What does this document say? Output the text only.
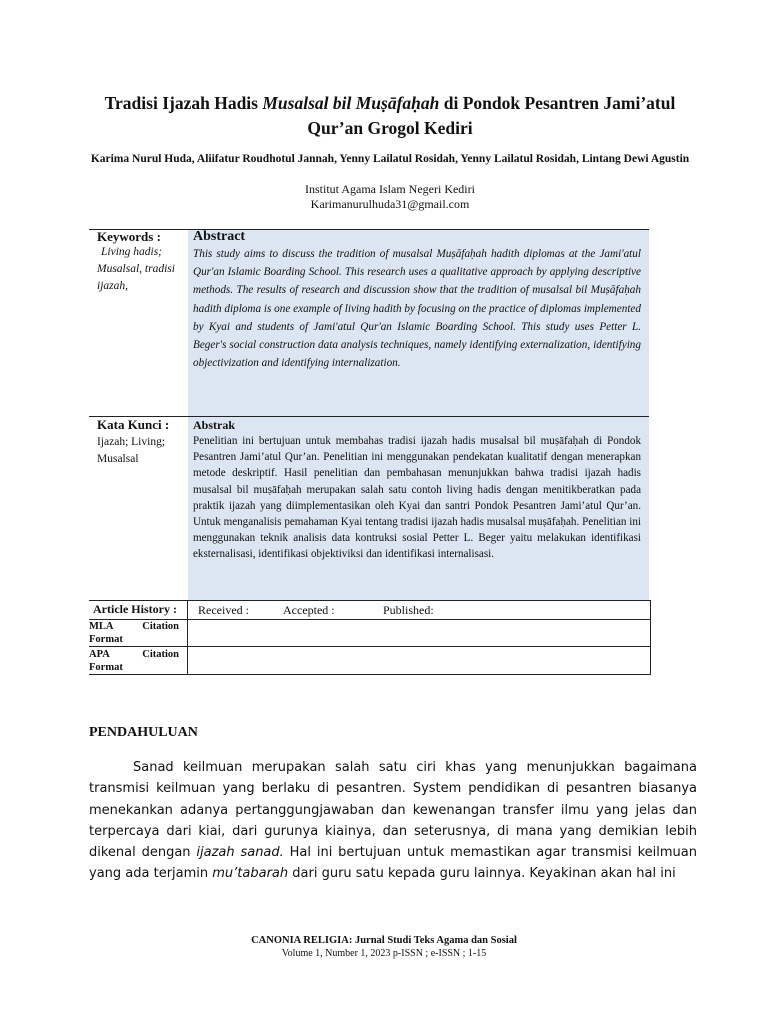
Tradisi Ijazah Hadis Musalsal bil Muṣāfaḥah di Pondok Pesantren Jami’atul Qur’an Grogol Kediri
Karima Nurul Huda, Aliifatur Roudhotul Jannah, Yenny Lailatul Rosidah, Yenny Lailatul Rosidah, Lintang Dewi Agustin
Institut Agama Islam Negeri Kediri
Karimanurulhuda31@gmail.com
Keywords :
Living hadis;
Musalsal, tradisi
ijazah,
Abstract
This study aims to discuss the tradition of musalsal Muṣāfaḥah hadith diplomas at the Jami'atul Qur'an Islamic Boarding School. This research uses a qualitative approach by applying descriptive methods. The results of research and discussion show that the tradition of musalsal bil Muṣāfaḥah hadith diploma is one example of living hadith by focusing on the practice of diplomas implemented by Kyai and students of Jami'atul Qur'an Islamic Boarding School. This study uses Petter L. Beger's social construction data analysis techniques, namely identifying externalization, identifying objectivization and identifying internalization.
Kata Kunci :
Ijazah; Living;
Musalsal
Abstrak
Penelitian ini bertujuan untuk membahas tradisi ijazah hadis musalsal bil muṣāfaḥah di Pondok Pesantren Jami’atul Qur’an. Penelitian ini menggunakan pendekatan kualitatif dengan menerapkan metode deskriptif. Hasil penelitian dan pembahasan menunjukkan bahwa tradisi ijazah hadis musalsal bil muṣāfaḥah merupakan salah satu contoh living hadis dengan menitikberatkan pada praktik ijazah yang diimplementasikan oleh Kyai dan santri Pondok Pesantren Jami’atul Qur’an. Untuk menganalisis pemahaman Kyai tentang tradisi ijazah hadis musalsal muṣāfaḥah. Penelitian ini menggunakan teknik analisis data kontruksi sosial Petter L. Beger yaitu melakukan identifikasi eksternalisasi, identifikasi objektiviksi dan identifikasi internalisasi.
Article History : Received :	Accepted :	Published:
MLA Citation
Format
APA Citation
Format
PENDAHULUAN
Sanad keilmuan merupakan salah satu ciri khas yang menunjukkan bagaimana transmisi keilmuan yang berlaku di pesantren. System pendidikan di pesantren biasanya menekankan adanya pertanggungjawaban dan kewenangan transfer ilmu yang jelas dan terpercaya dari kiai, dari gurunya kiainya, dan seterusnya, di mana yang demikian lebih dikenal dengan ijazah sanad. Hal ini bertujuan untuk memastikan agar transmisi keilmuan yang ada terjamin mu’tabarah dari guru satu kepada guru lainnya. Keyakinan akan hal ini
CANONIA RELIGIA: Jurnal Studi Teks Agama dan Sosial
Volume 1, Number 1, 2023 p-ISSN ; e-ISSN ; 1-15
